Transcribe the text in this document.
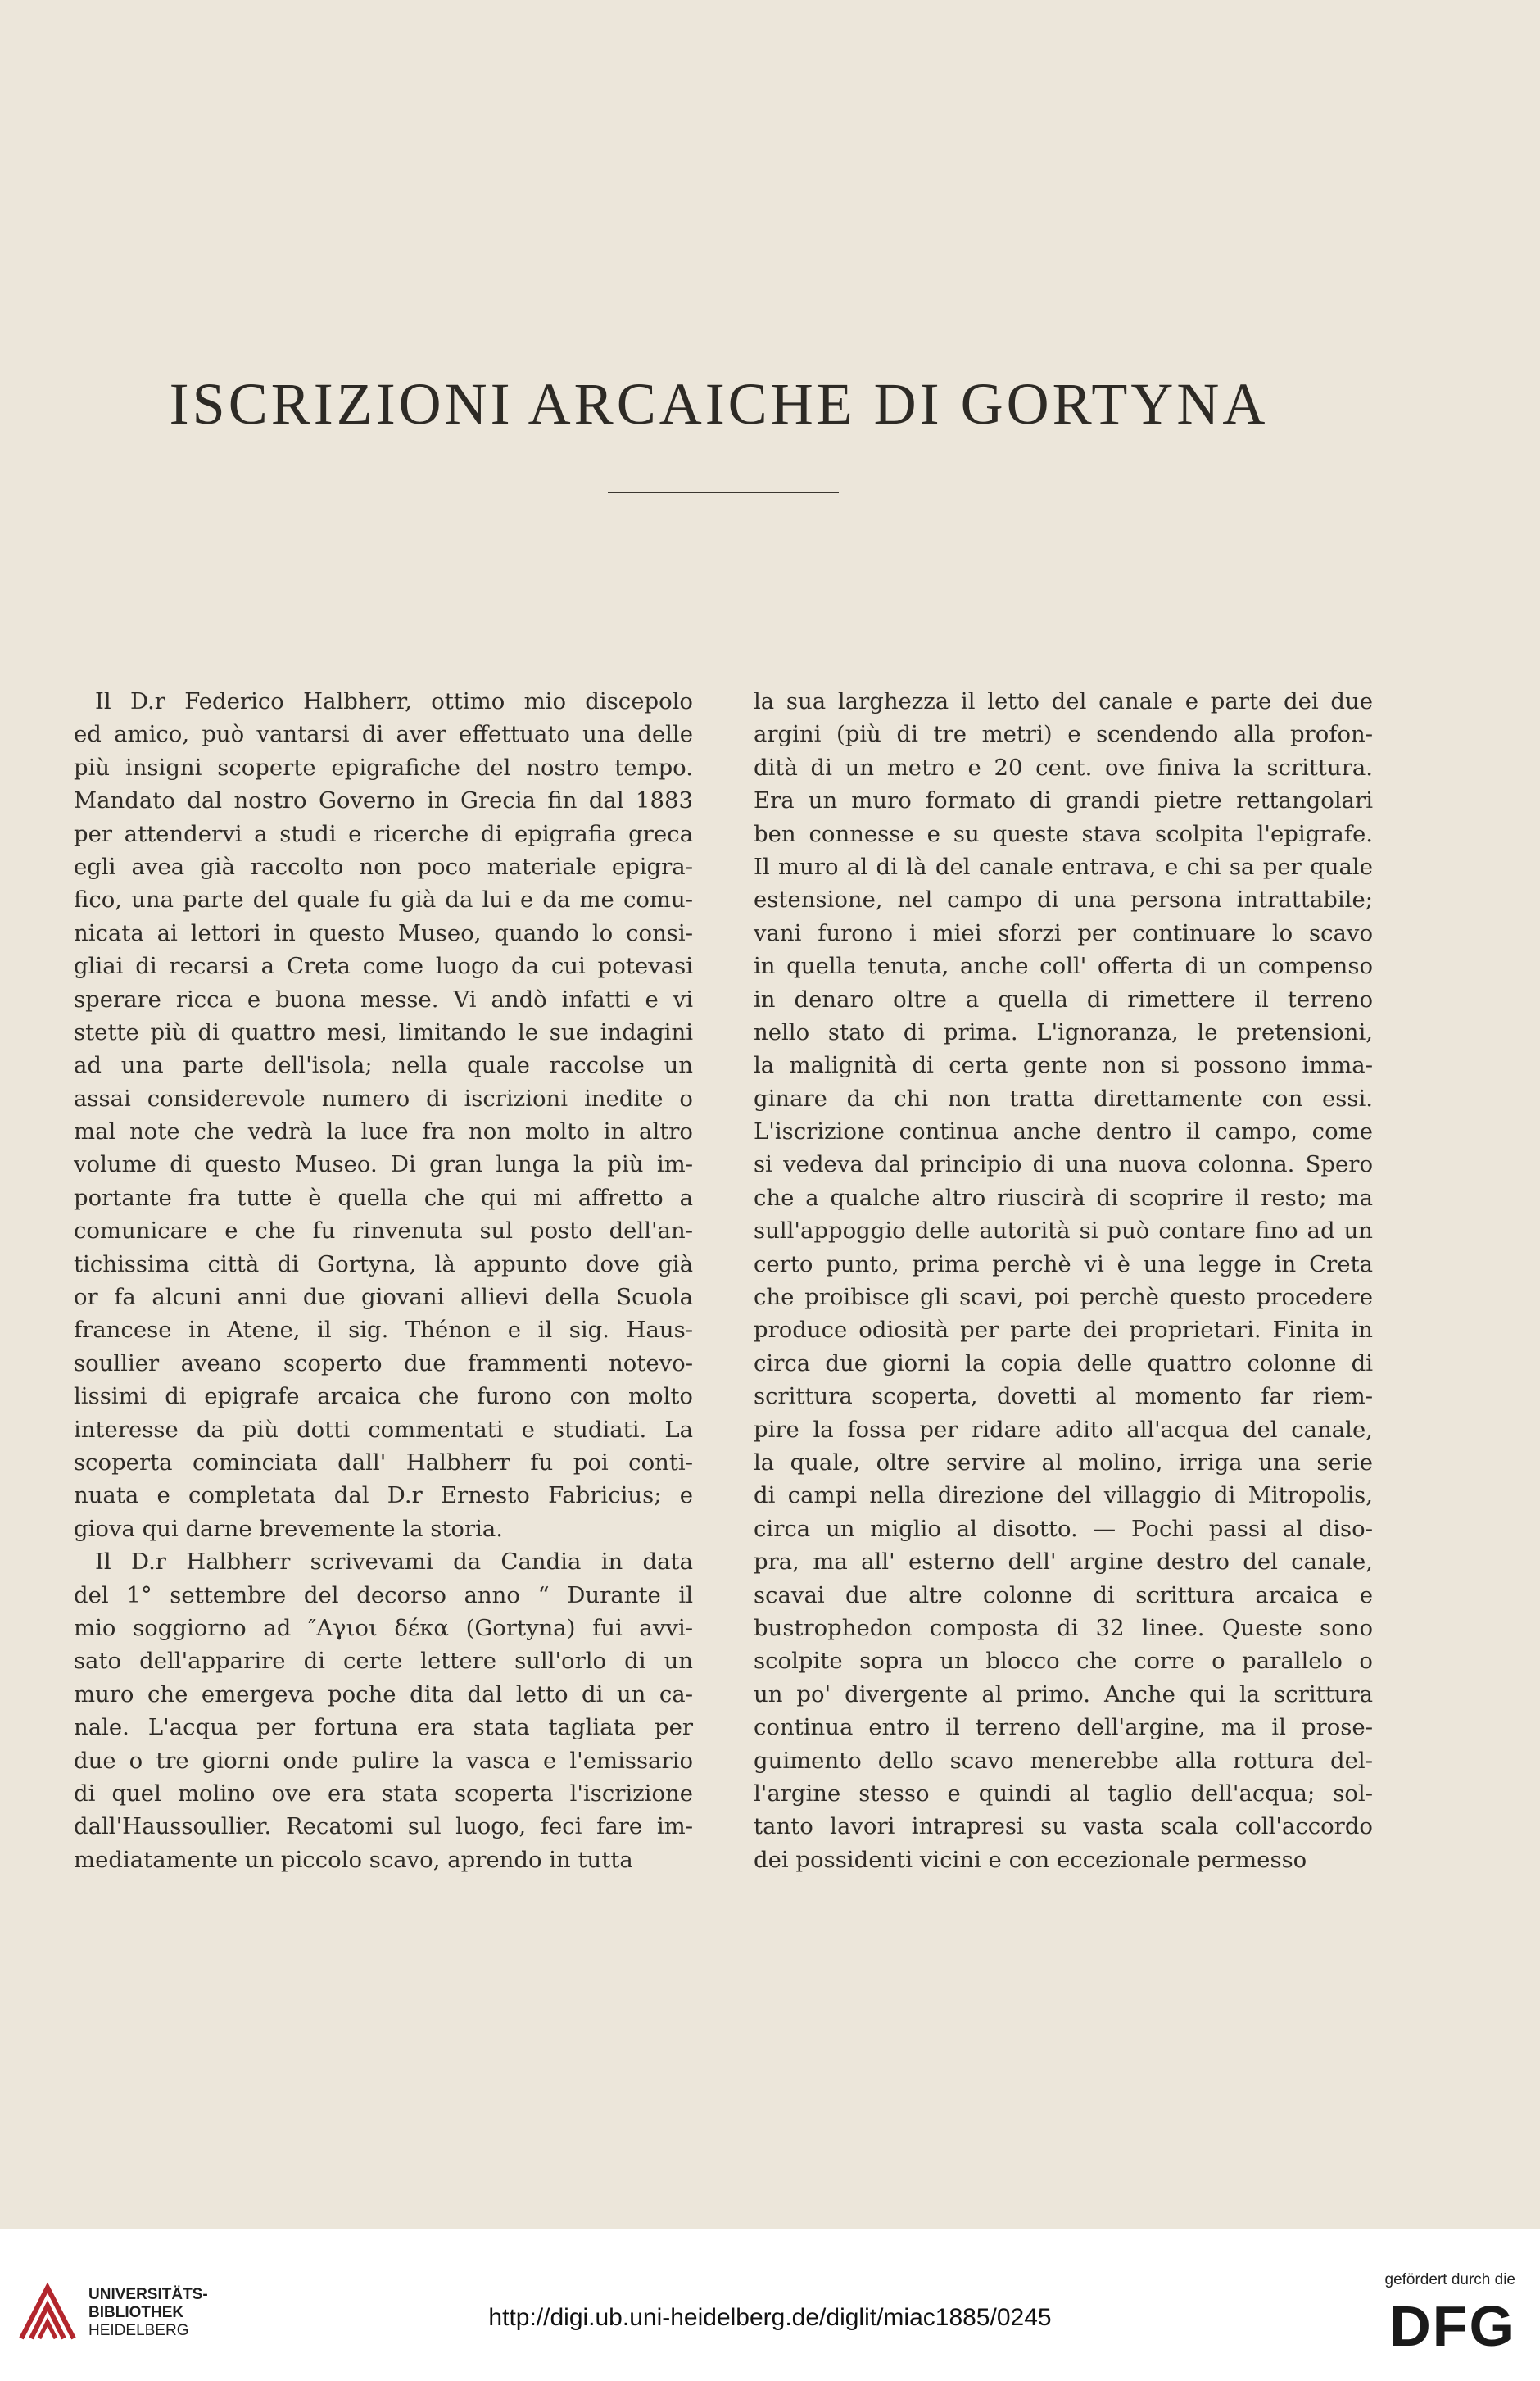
ISCRIZIONI ARCAICHE DI GORTYNA
Il D.r Federico Halbherr, ottimo mio discepolo
ed amico, può vantarsi di aver effettuato una delle
più insigni scoperte epigrafiche del nostro tempo.
Mandato dal nostro Governo in Grecia fin dal 1883
per attendervi a studi e ricerche di epigrafia greca
egli avea già raccolto non poco materiale epigra-
fico, una parte del quale fu già da lui e da me comu-
nicata ai lettori in questo Museo, quando lo consi-
gliai di recarsi a Creta come luogo da cui potevasi
sperare ricca e buona messe. Vi andò infatti e vi
stette più di quattro mesi, limitando le sue indagini
ad una parte dell'isola; nella quale raccolse un
assai considerevole numero di iscrizioni inedite o
mal note che vedrà la luce fra non molto in altro
volume di questo Museo. Di gran lunga la più im-
portante fra tutte è quella che qui mi affretto a
comunicare e che fu rinvenuta sul posto dell'an-
tichissima città di Gortyna, là appunto dove già
or fa alcuni anni due giovani allievi della Scuola
francese in Atene, il sig. Thénon e il sig. Haus-
soullier aveano scoperto due frammenti notevo-
lissimi di epigrafe arcaica che furono con molto
interesse da più dotti commentati e studiati. La
scoperta cominciata dall' Halbherr fu poi conti-
nuata e completata dal D.r Ernesto Fabricius; e
giova qui darne brevemente la storia.
Il D.r Halbherr scrivevami da Candia in data
del 1° settembre del decorso anno “ Durante il
mio soggiorno ad ″Αγιοι δέκα (Gortyna) fui avvi-
sato dell'apparire di certe lettere sull'orlo di un
muro che emergeva poche dita dal letto di un ca-
nale. L'acqua per fortuna era stata tagliata per
due o tre giorni onde pulire la vasca e l'emissario
di quel molino ove era stata scoperta l'iscrizione
dall'Haussoullier. Recatomi sul luogo, feci fare im-
mediatamente un piccolo scavo, aprendo in tutta
la sua larghezza il letto del canale e parte dei due
argini (più di tre metri) e scendendo alla profon-
dità di un metro e 20 cent. ove finiva la scrittura.
Era un muro formato di grandi pietre rettangolari
ben connesse e su queste stava scolpita l'epigrafe.
Il muro al di là del canale entrava, e chi sa per quale
estensione, nel campo di una persona intrattabile;
vani furono i miei sforzi per continuare lo scavo
in quella tenuta, anche coll' offerta di un compenso
in denaro oltre a quella di rimettere il terreno
nello stato di prima. L'ignoranza, le pretensioni,
la malignità di certa gente non si possono imma-
ginare da chi non tratta direttamente con essi.
L'iscrizione continua anche dentro il campo, come
si vedeva dal principio di una nuova colonna. Spero
che a qualche altro riuscirà di scoprire il resto; ma
sull'appoggio delle autorità si può contare fino ad un
certo punto, prima perchè vi è una legge in Creta
che proibisce gli scavi, poi perchè questo procedere
produce odiosità per parte dei proprietari. Finita in
circa due giorni la copia delle quattro colonne di
scrittura scoperta, dovetti al momento far riem-
pire la fossa per ridare adito all'acqua del canale,
la quale, oltre servire al molino, irriga una serie
di campi nella direzione del villaggio di Mitropolis,
circa un miglio al disotto. — Pochi passi al diso-
pra, ma all' esterno dell' argine destro del canale,
scavai due altre colonne di scrittura arcaica e
bustrophedon composta di 32 linee. Queste sono
scolpite sopra un blocco che corre o parallelo o
un po' divergente al primo. Anche qui la scrittura
continua entro il terreno dell'argine, ma il prose-
guimento dello scavo menerebbe alla rottura del-
l'argine stesso e quindi al taglio dell'acqua; sol-
tanto lavori intrapresi su vasta scala coll'accordo
dei possidenti vicini e con eccezionale permesso
UNIVERSITÄTS-
BIBLIOTHEK
HEIDELBERG	http://digi.ub.uni-heidelberg.de/diglit/miac1885/0245
gefördert durch die
DFG
